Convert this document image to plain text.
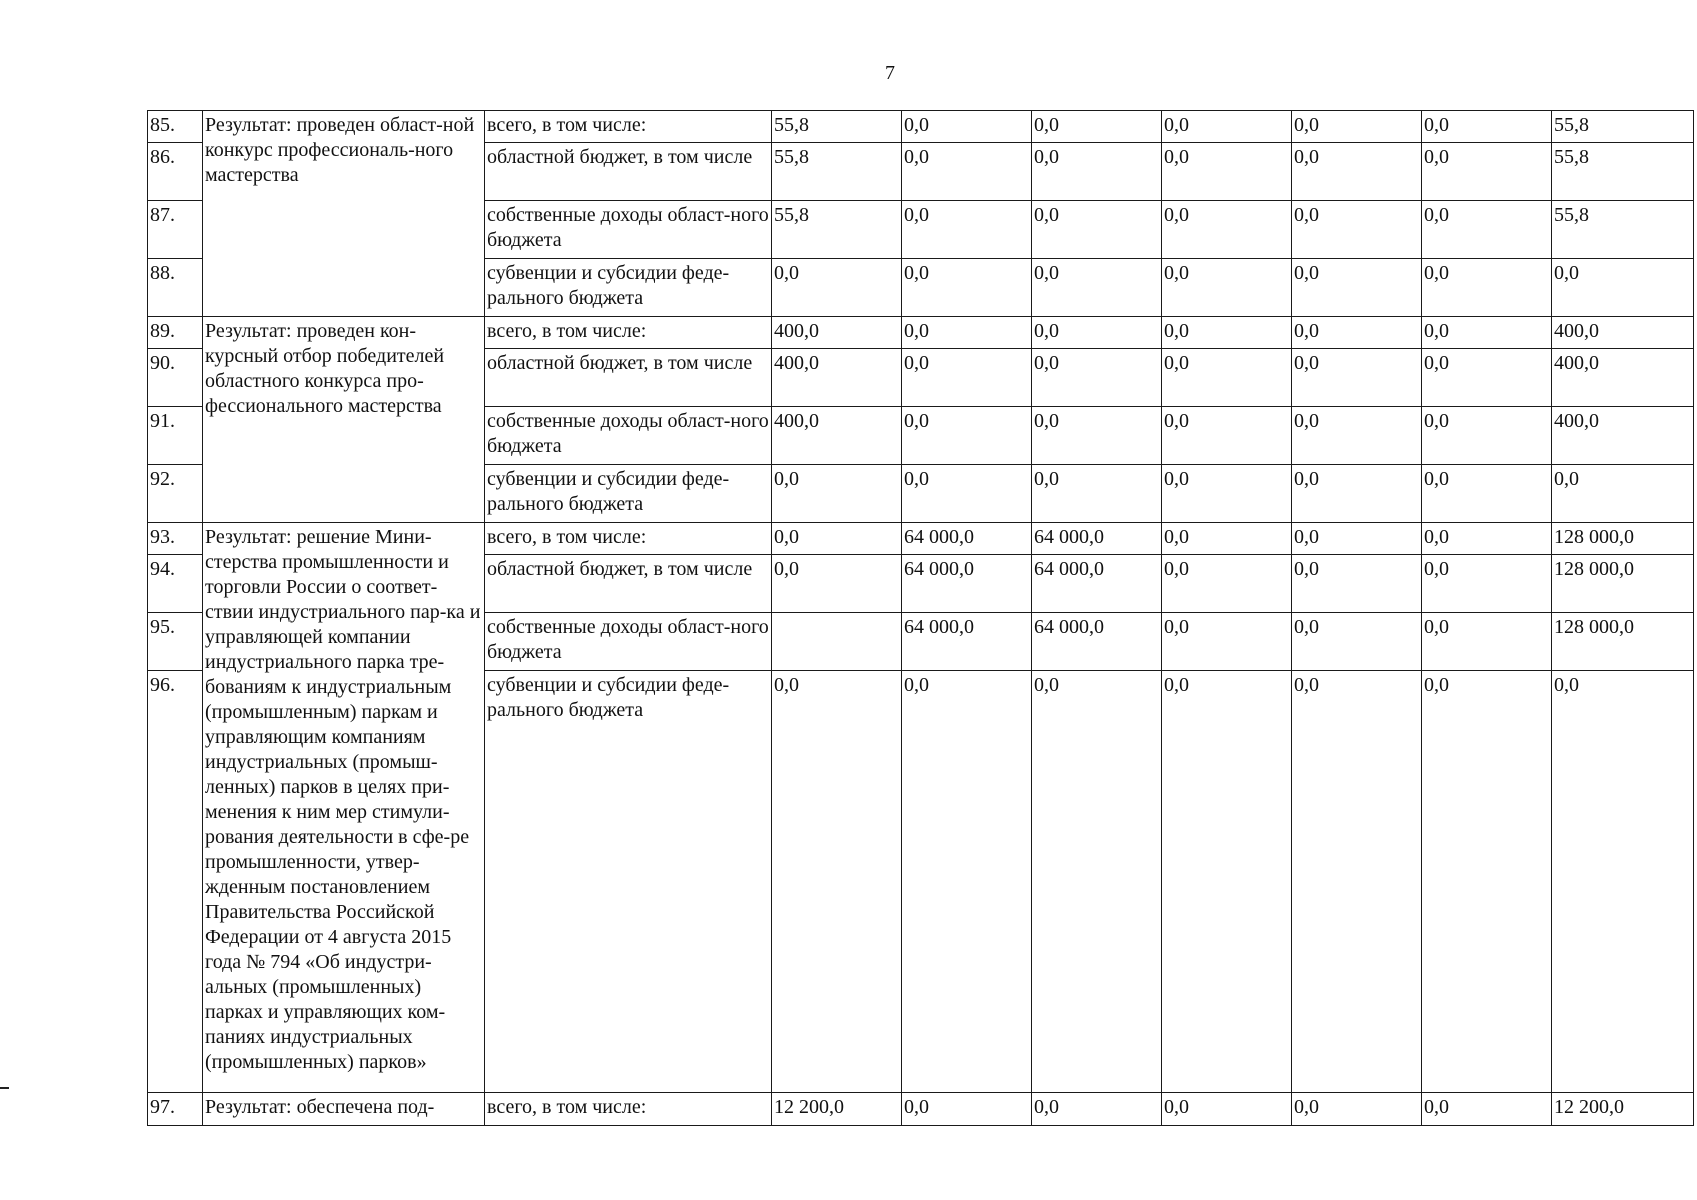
7
85.	Результат: проведен област-ной конкурс профессиональ-ного мастерства	всего, в том числе:	55,8	0,0	0,0	0,0	0,0	0,0	55,8
86.		областной бюджет, в том числе	55,8	0,0	0,0	0,0	0,0	0,0	55,8
87.		собственные доходы област-ного бюджета	55,8	0,0	0,0	0,0	0,0	0,0	55,8
88.		субвенции и субсидии феде-рального бюджета	0,0	0,0	0,0	0,0	0,0	0,0	0,0
89.	Результат: проведен кон-курсный отбор победителей областного конкурса про-фессионального мастерства	всего, в том числе:	400,0	0,0	0,0	0,0	0,0	0,0	400,0
90.		областной бюджет, в том числе	400,0	0,0	0,0	0,0	0,0	0,0	400,0
91.		собственные доходы област-ного бюджета	400,0	0,0	0,0	0,0	0,0	0,0	400,0
92.		субвенции и субсидии феде-рального бюджета	0,0	0,0	0,0	0,0	0,0	0,0	0,0
93.	Результат: решение Мини-стерства промышленности и торговли России о соответ-ствии индустриального пар-ка и управляющей компании индустриального парка тре-бованиям к индустриальным (промышленным) паркам и управляющим компаниям индустриальных (промыш-ленных) парков в целях при-менения к ним мер стимули-рования деятельности в сфе-ре промышленности, утвер-жденным постановлением Правительства Российской Федерации от 4 августа 2015 года № 794 «Об индустри-альных (промышленных) парках и управляющих ком-паниях индустриальных (промышленных) парков»	всего, в том числе:	0,0	64 000,0	64 000,0	0,0	0,0	0,0	128 000,0
94.		областной бюджет, в том числе	0,0	64 000,0	64 000,0	0,0	0,0	0,0	128 000,0
95.		собственные доходы област-ного бюджета		64 000,0	64 000,0	0,0	0,0	0,0	128 000,0
96.		субвенции и субсидии феде-рального бюджета	0,0	0,0	0,0	0,0	0,0	0,0	0,0
97.	Результат: обеспечена под-	всего, в том числе:	12 200,0	0,0	0,0	0,0	0,0	0,0	12 200,0
